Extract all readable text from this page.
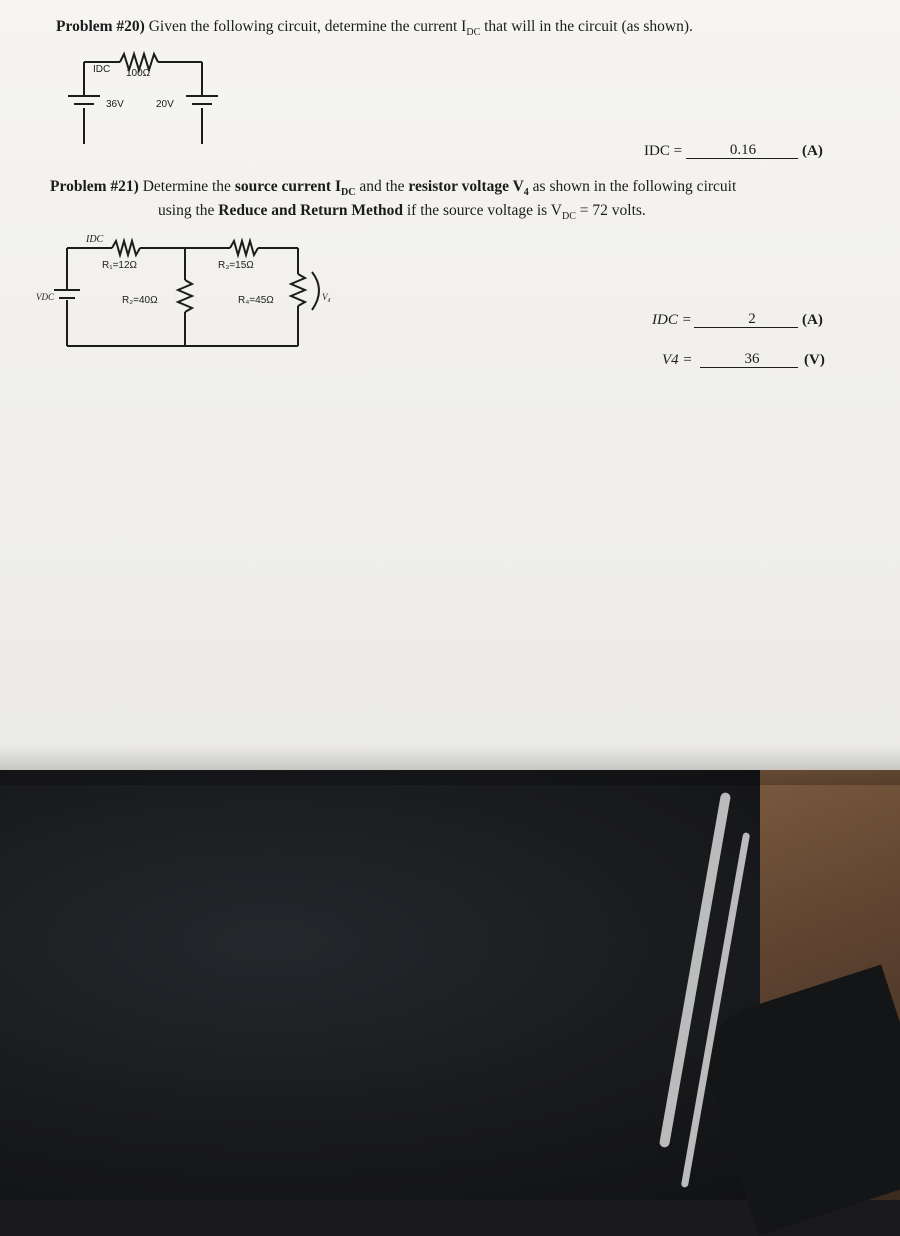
Problem #20) Given the following circuit, determine the current $I_{DC}$ that will in the circuit (as shown).
IDC 100Ω
36V	20V
IDC =	0.16	(A)
Problem #21) Determine the source current $I_{DC}$ and the resistor voltage $V_4$ as shown in the following circuit
using the Reduce and Return Method if the source voltage is $V_{DC} = 72$ volts.
IDC
VDC
R₁=12Ω	R₃=15Ω
R₂=40Ω	R₄=45Ω	V₄
IDC =	2	(A)
V4 =	36	(V)
